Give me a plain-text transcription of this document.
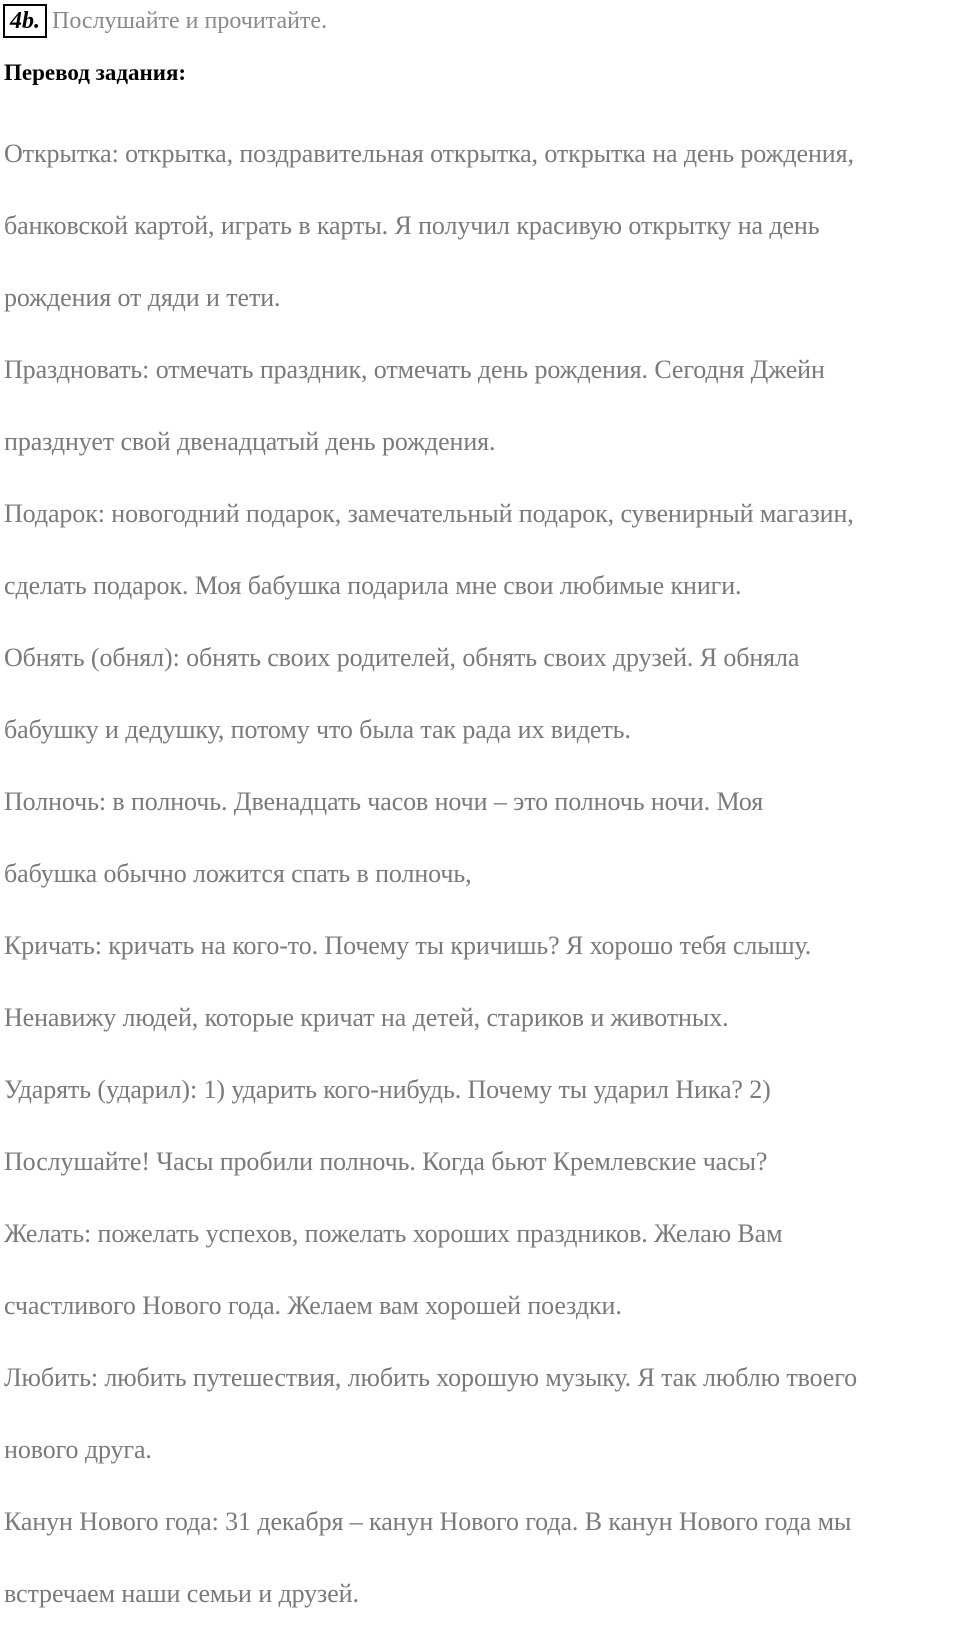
4b. Послушайте и прочитайте.
Перевод задания:

Открытка: открытка, поздравительная открытка, открытка на день рождения,

банковской картой, играть в карты. Я получил красивую открытку на день

рождения от дяди и тети.

Праздновать: отмечать праздник, отмечать день рождения. Сегодня Джейн

празднует свой двенадцатый день рождения.

Подарок: новогодний подарок, замечательный подарок, сувенирный магазин,

сделать подарок. Моя бабушка подарила мне свои любимые книги.

Обнять (обнял): обнять своих родителей, обнять своих друзей. Я обняла

бабушку и дедушку, потому что была так рада их видеть.

Полночь: в полночь. Двенадцать часов ночи – это полночь ночи. Моя

бабушка обычно ложится спать в полночь,

Кричать: кричать на кого-то. Почему ты кричишь? Я хорошо тебя слышу.

Ненавижу людей, которые кричат на детей, стариков и животных.

Ударять (ударил): 1) ударить кого-нибудь. Почему ты ударил Ника? 2)

Послушайте! Часы пробили полночь. Когда бьют Кремлевские часы?

Желать: пожелать успехов, пожелать хороших праздников. Желаю Вам

счастливого Нового года. Желаем вам хорошей поездки.

Любить: любить путешествия, любить хорошую музыку. Я так люблю твоего

нового друга.

Канун Нового года: 31 декабря – канун Нового года. В канун Нового года мы

встречаем наши семьи и друзей.
